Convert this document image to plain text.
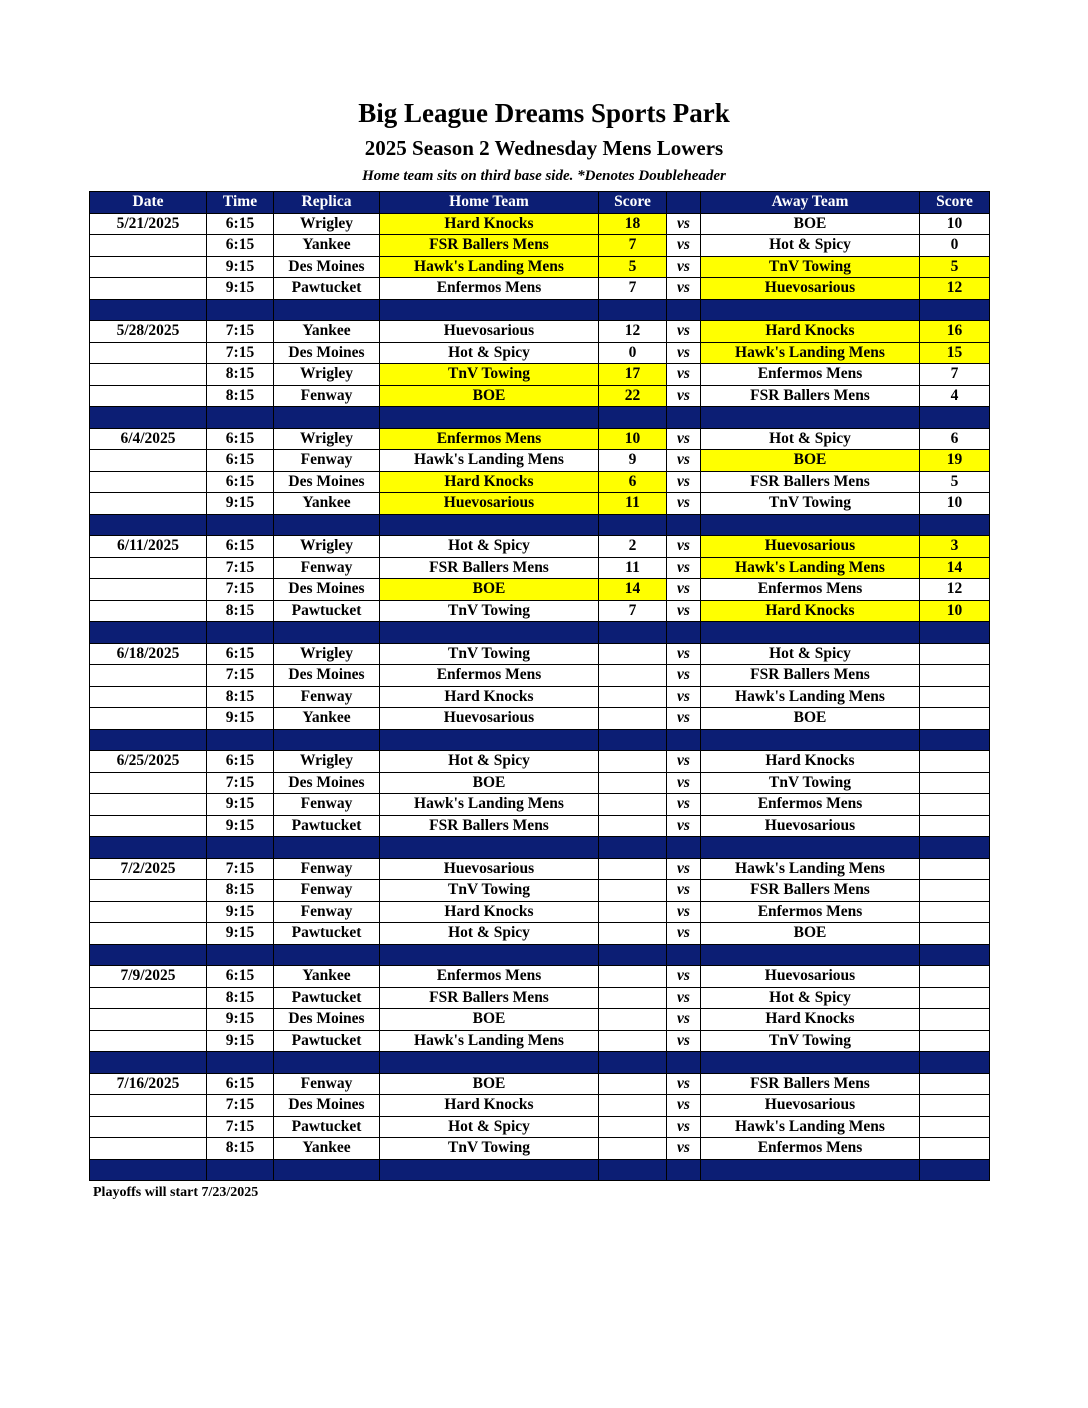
Big League Dreams Sports Park
2025 Season 2 Wednesday Mens Lowers
Home team sits on third base side. *Denotes Doubleheader
Date	Time	Replica	Home Team	Score		Away Team	Score
5/21/2025	6:15	Wrigley	Hard Knocks	18	vs	BOE	10
	6:15	Yankee	FSR Ballers Mens	7	vs	Hot & Spicy	0
	9:15	Des Moines	Hawk's Landing Mens	5	vs	TnV Towing	5
	9:15	Pawtucket	Enfermos Mens	7	vs	Huevosarious	12

5/28/2025	7:15	Yankee	Huevosarious	12	vs	Hard Knocks	16
	7:15	Des Moines	Hot & Spicy	0	vs	Hawk's Landing Mens	15
	8:15	Wrigley	TnV Towing	17	vs	Enfermos Mens	7
	8:15	Fenway	BOE	22	vs	FSR Ballers Mens	4

6/4/2025	6:15	Wrigley	Enfermos Mens	10	vs	Hot & Spicy	6
	6:15	Fenway	Hawk's Landing Mens	9	vs	BOE	19
	6:15	Des Moines	Hard Knocks	6	vs	FSR Ballers Mens	5
	9:15	Yankee	Huevosarious	11	vs	TnV Towing	10

6/11/2025	6:15	Wrigley	Hot & Spicy	2	vs	Huevosarious	3
	7:15	Fenway	FSR Ballers Mens	11	vs	Hawk's Landing Mens	14
	7:15	Des Moines	BOE	14	vs	Enfermos Mens	12
	8:15	Pawtucket	TnV Towing	7	vs	Hard Knocks	10

6/18/2025	6:15	Wrigley	TnV Towing		vs	Hot & Spicy	
	7:15	Des Moines	Enfermos Mens		vs	FSR Ballers Mens	
	8:15	Fenway	Hard Knocks		vs	Hawk's Landing Mens	
	9:15	Yankee	Huevosarious		vs	BOE	

6/25/2025	6:15	Wrigley	Hot & Spicy		vs	Hard Knocks	
	7:15	Des Moines	BOE		vs	TnV Towing	
	9:15	Fenway	Hawk's Landing Mens		vs	Enfermos Mens	
	9:15	Pawtucket	FSR Ballers Mens		vs	Huevosarious	

7/2/2025	7:15	Fenway	Huevosarious		vs	Hawk's Landing Mens	
	8:15	Fenway	TnV Towing		vs	FSR Ballers Mens	
	9:15	Fenway	Hard Knocks		vs	Enfermos Mens	
	9:15	Pawtucket	Hot & Spicy		vs	BOE	

7/9/2025	6:15	Yankee	Enfermos Mens		vs	Huevosarious	
	8:15	Pawtucket	FSR Ballers Mens		vs	Hot & Spicy	
	9:15	Des Moines	BOE		vs	Hard Knocks	
	9:15	Pawtucket	Hawk's Landing Mens		vs	TnV Towing	

7/16/2025	6:15	Fenway	BOE		vs	FSR Ballers Mens	
	7:15	Des Moines	Hard Knocks		vs	Huevosarious	
	7:15	Pawtucket	Hot & Spicy		vs	Hawk's Landing Mens	
	8:15	Yankee	TnV Towing		vs	Enfermos Mens	

Playoffs will start 7/23/2025
